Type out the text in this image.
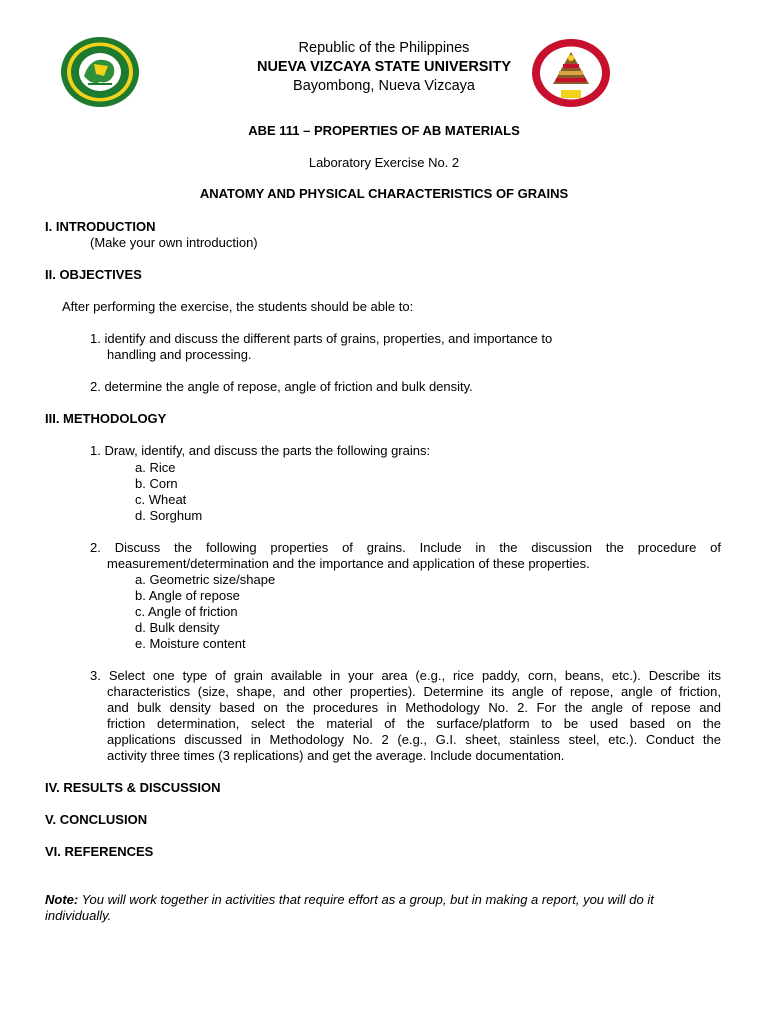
Republic of the Philippines
NUEVA VIZCAYA STATE UNIVERSITY
Bayombong, Nueva Vizcaya
ABE 111 – PROPERTIES OF AB MATERIALS
Laboratory Exercise No. 2
ANATOMY AND PHYSICAL CHARACTERISTICS OF GRAINS
I. INTRODUCTION
(Make your own introduction)
II. OBJECTIVES
After performing the exercise, the students should be able to:
1. identify and discuss the different parts of grains, properties, and importance to
handling and processing.
2. determine the angle of repose, angle of friction and bulk density.
III. METHODOLOGY
1. Draw, identify, and discuss the parts the following grains:
a. Rice
b. Corn
c. Wheat
d. Sorghum
2. Discuss the following properties of grains. Include in the discussion the procedure of
measurement/determination and the importance and application of these properties.
a. Geometric size/shape
b. Angle of repose
c. Angle of friction
d. Bulk density
e. Moisture content
3. Select one type of grain available in your area (e.g., rice paddy, corn, beans, etc.). Describe its
characteristics (size, shape, and other properties). Determine its angle of repose, angle of friction,
and bulk density based on the procedures in Methodology No. 2. For the angle of repose and
friction determination, select the material of the surface/platform to be used based on the
applications discussed in Methodology No. 2 (e.g., G.I. sheet, stainless steel, etc.). Conduct the
activity three times (3 replications) and get the average. Include documentation.
IV. RESULTS & DISCUSSION
V. CONCLUSION
VI. REFERENCES
Note: You will work together in activities that require effort as a group, but in making a report, you will do it individually.
